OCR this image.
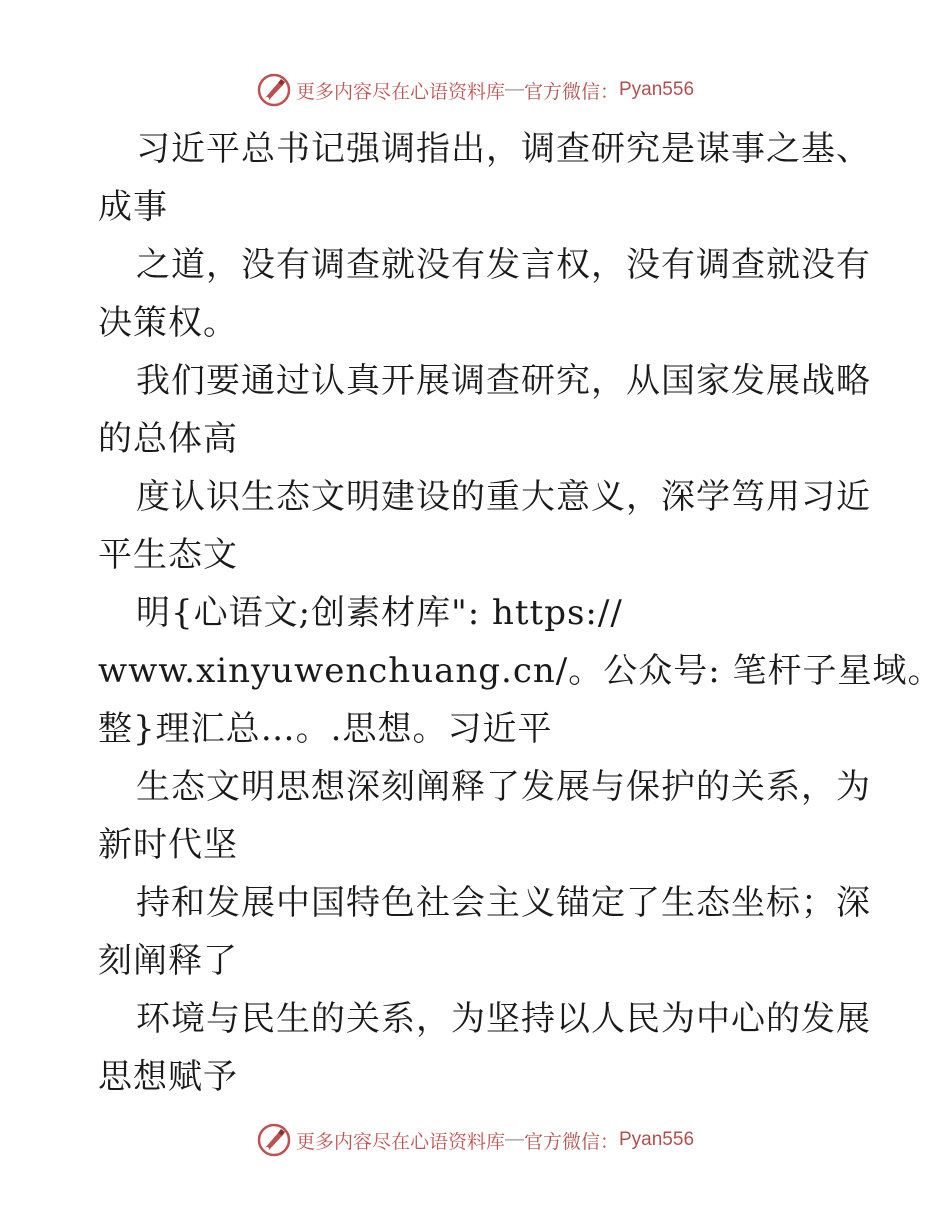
更多内容尽在心语资料库 — 官方微信： Pyan556
习近平总书记强调指出，调查研究是谋事之基、
成事
之道，没有调查就没有发言权，没有调查就没有
决策权。
我们要通过认真开展调查研究，从国家发展战略
的总体高
度认识生态文明建设的重大意义，深学笃用习近
平生态文
明{心语文;创素材库": https://
www.xinyuwenchuang.cn/。公众号: 笔杆子星域。
整}理汇总…。.思想。习近平
生态文明思想深刻阐释了发展与保护的关系，为
新时代坚
持和发展中国特色社会主义锚定了生态坐标；深
刻阐释了
环境与民生的关系，为坚持以人民为中心的发展
思想赋予
更多内容尽在心语资料库 — 官方微信： Pyan556
